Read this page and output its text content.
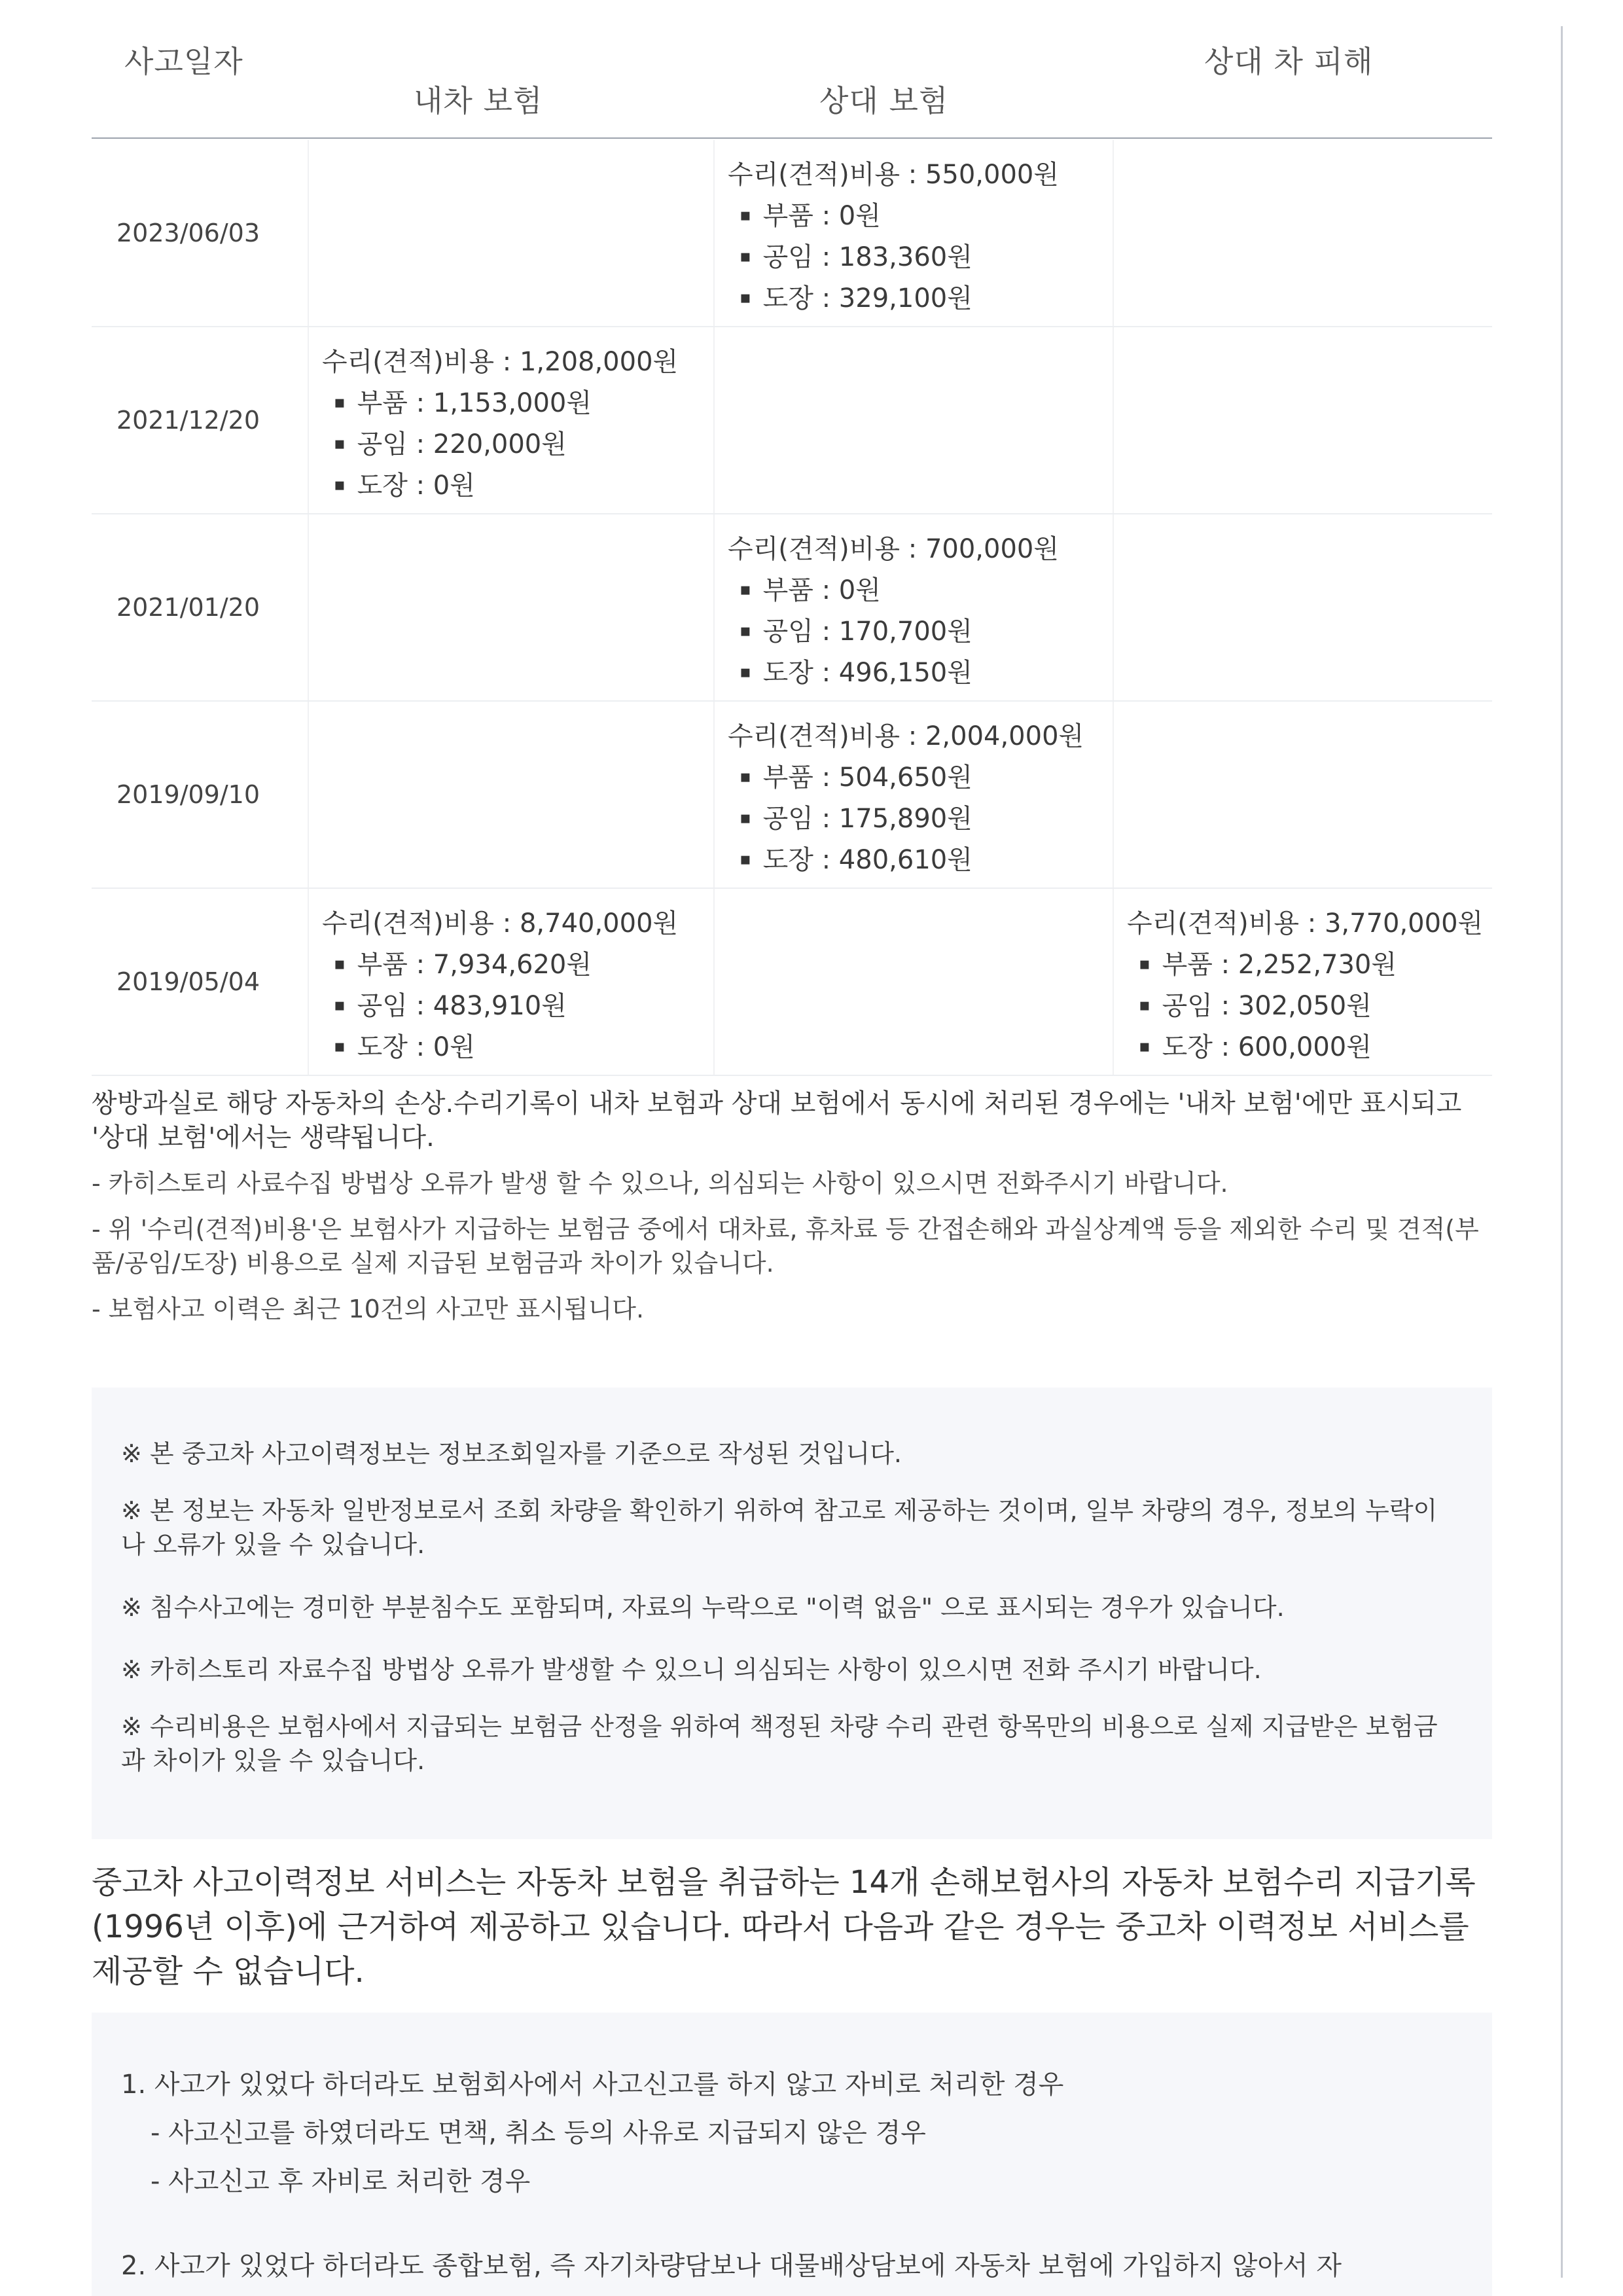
사고일자
내차 보험	상대 보험
상대 차 피해
2023/06/03
수리(견적)비용 : 550,000원
▪ 부품 : 0원
▪ 공임 : 183,360원
▪ 도장 : 329,100원
2021/12/20
수리(견적)비용 : 1,208,000원
▪ 부품 : 1,153,000원
▪ 공임 : 220,000원
▪ 도장 : 0원
2021/01/20
수리(견적)비용 : 700,000원
▪ 부품 : 0원
▪ 공임 : 170,700원
▪ 도장 : 496,150원
2019/09/10
수리(견적)비용 : 2,004,000원
▪ 부품 : 504,650원
▪ 공임 : 175,890원
▪ 도장 : 480,610원
2019/05/04
수리(견적)비용 : 8,740,000원
▪ 부품 : 7,934,620원
▪ 공임 : 483,910원
▪ 도장 : 0원
수리(견적)비용 : 3,770,000원
▪ 부품 : 2,252,730원
▪ 공임 : 302,050원
▪ 도장 : 600,000원

쌍방과실로 해당 자동차의 손상.수리기록이 내차 보험과 상대 보험에서 동시에 처리된 경우에는 '내차 보험'에만 표시되고 '상대 보험'에서는 생략됩니다.

- 카히스토리 사료수집 방법상 오류가 발생 할 수 있으나, 의심되는 사항이 있으시면 전화주시기 바랍니다.

- 위 '수리(견적)비용'은 보험사가 지급하는 보험금 중에서 대차료, 휴차료 등 간접손해와 과실상계액 등을 제외한 수리 및 견적(부품/공임/도장) 비용으로 실제 지급된 보험금과 차이가 있습니다.

- 보험사고 이력은 최근 10건의 사고만 표시됩니다.

※ 본 중고차 사고이력정보는 정보조회일자를 기준으로 작성된 것입니다.

※ 본 정보는 자동차 일반정보로서 조회 차량을 확인하기 위하여 참고로 제공하는 것이며, 일부 차량의 경우, 정보의 누락이나 오류가 있을 수 있습니다.

※ 침수사고에는 경미한 부분침수도 포함되며, 자료의 누락으로 "이력 없음" 으로 표시되는 경우가 있습니다.

※ 카히스토리 자료수집 방법상 오류가 발생할 수 있으니 의심되는 사항이 있으시면 전화 주시기 바랍니다.

※ 수리비용은 보험사에서 지급되는 보험금 산정을 위하여 책정된 차량 수리 관련 항목만의 비용으로 실제 지급받은 보험금과 차이가 있을 수 있습니다.

중고차 사고이력정보 서비스는 자동차 보험을 취급하는 14개 손해보험사의 자동차 보험수리 지급기록(1996년 이후)에 근거하여 제공하고 있습니다. 따라서 다음과 같은 경우는 중고차 이력정보 서비스를 제공할 수 없습니다.
1. 사고가 있었다 하더라도 보험회사에서 사고신고를 하지 않고 자비로 처리한 경우
- 사고신고를 하였더라도 면책, 취소 등의 사유로 지급되지 않은 경우
- 사고신고 후 자비로 처리한 경우
2. 사고가 있었다 하더라도 종합보험, 즉 자기차량담보나 대물배상담보에 자동차 보험에 가입하지 않아서 자
